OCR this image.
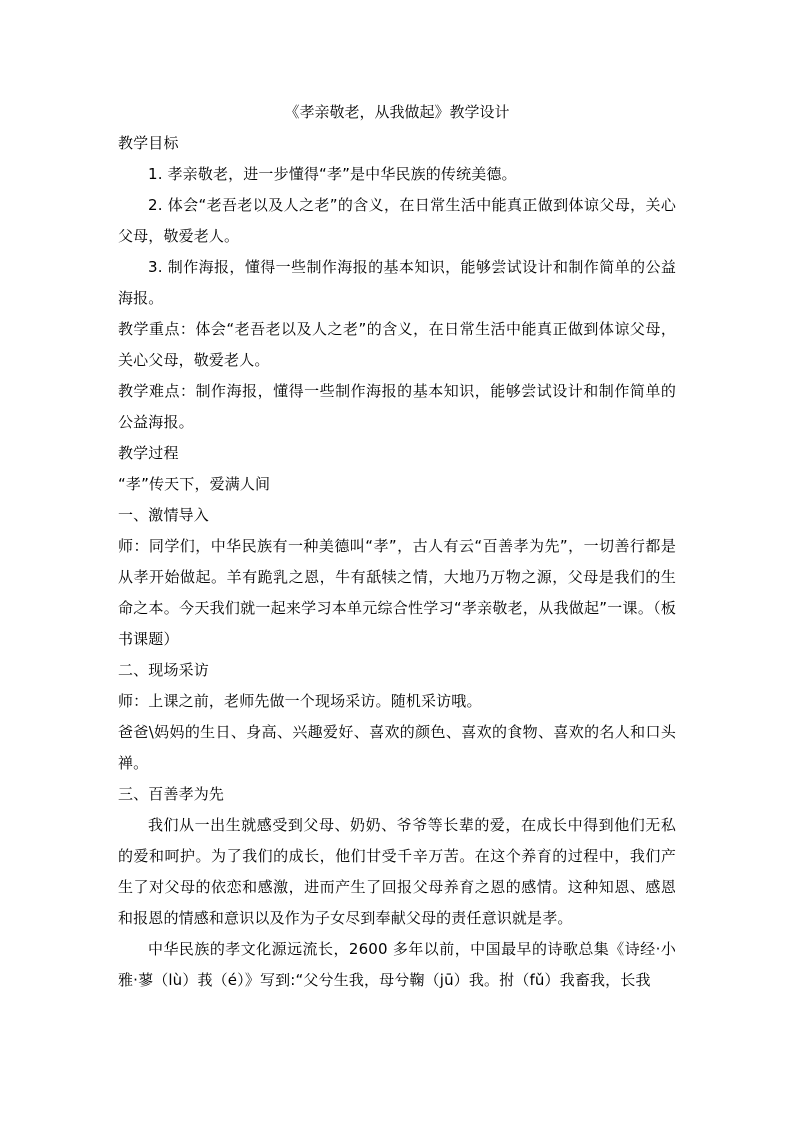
《孝亲敬老，从我做起》教学设计

教学目标

1. 孝亲敬老，进一步懂得“孝”是中华民族的传统美德。

2. 体会“老吾老以及人之老”的含义，在日常生活中能真正做到体谅父母，关心父母，敬爱老人。

3. 制作海报，懂得一些制作海报的基本知识，能够尝试设计和制作简单的公益海报。

教学重点：体会“老吾老以及人之老”的含义，在日常生活中能真正做到体谅父母，关心父母，敬爱老人。

教学难点：制作海报，懂得一些制作海报的基本知识，能够尝试设计和制作简单的公益海报。

教学过程

“孝”传天下，爱满人间

一、激情导入

师：同学们，中华民族有一种美德叫“孝”，古人有云“百善孝为先”，一切善行都是从孝开始做起。羊有跪乳之恩，牛有舐犊之情，大地乃万物之源，父母是我们的生命之本。今天我们就一起来学习本单元综合性学习“孝亲敬老，从我做起”一课。（板书课题）

二、现场采访

师：上课之前，老师先做一个现场采访。随机采访哦。

爸爸\妈妈的生日、身高、兴趣爱好、喜欢的颜色、喜欢的食物、喜欢的名人和口头禅。

三、百善孝为先

我们从一出生就感受到父母、奶奶、爷爷等长辈的爱，在成长中得到他们无私的爱和呵护。为了我们的成长，他们甘受千辛万苦。在这个养育的过程中，我们产生了对父母的依恋和感激，进而产生了回报父母养育之恩的感情。这种知恩、感恩和报恩的情感和意识以及作为子女尽到奉献父母的责任意识就是孝。

中华民族的孝文化源远流长，2600 多年以前，中国最早的诗歌总集《诗经·小雅·蓼（lù）莪（é）》写到:“父兮生我，母兮鞠（jū）我。拊（fǔ）我畜我，长我
